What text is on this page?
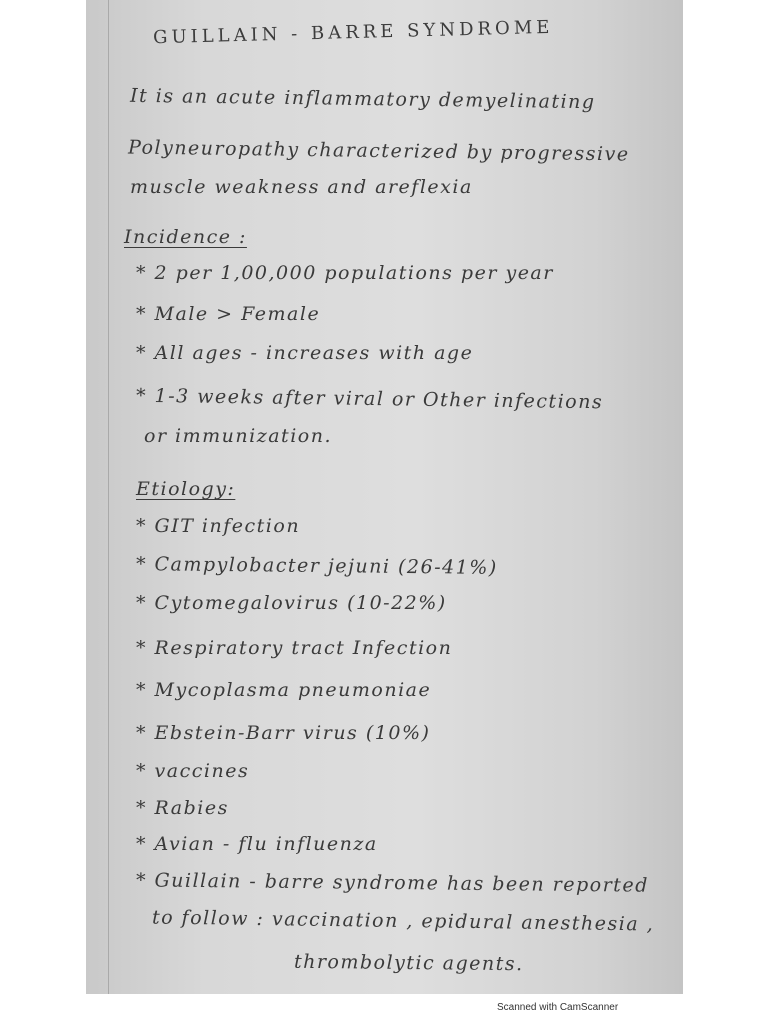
GUILLAIN - BARRE SYNDROME
It is an acute inflammatory demyelinating
Polyneuropathy characterized by progressive
muscle weakness and areflexia
Incidence :
* 2 per 1,00,000 populations per year
* Male > Female
* All ages - increases with age
* 1-3 weeks after viral or Other infections
or immunization.
Etiology:
* GIT infection
* Campylobacter jejuni (26-41%)
* Cytomegalovirus (10-22%)
* Respiratory tract Infection
* Mycoplasma pneumoniae
* Ebstein-Barr virus (10%)
* vaccines
* Rabies
* Avian - flu influenza
* Guillain - barre syndrome has been reported
to follow : vaccination , epidural anesthesia ,
thrombolytic agents.
Scanned with CamScanner
